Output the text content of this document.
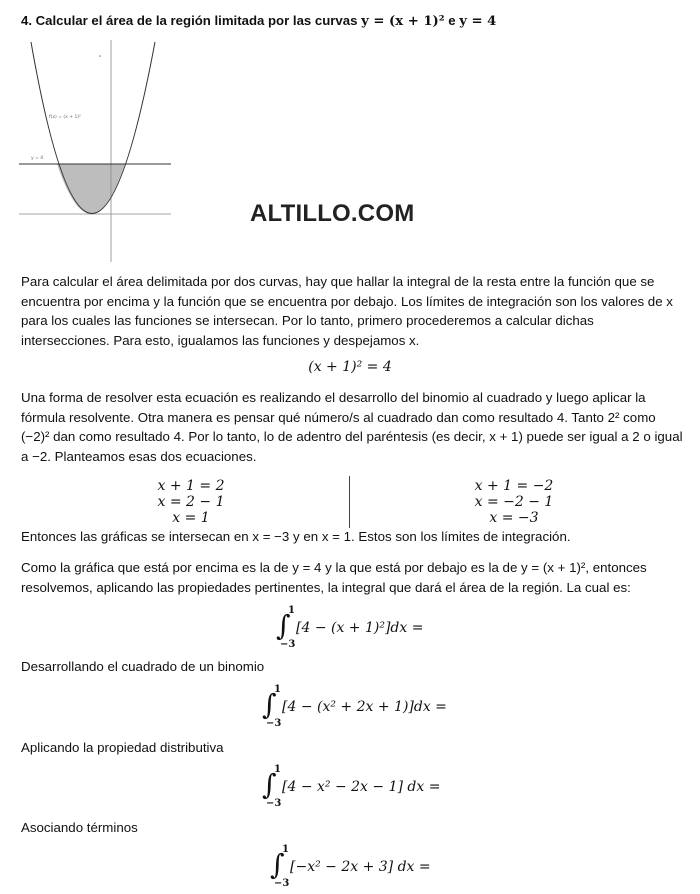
4. Calcular el área de la región limitada por las curvas y = (x + 1)² e y = 4
f(x) = (x + 1)²
y = 4
ALTILLO.COM

Para calcular el área delimitada por dos curvas, hay que hallar la integral de la resta entre la función que se encuentra por encima y la función que se encuentra por debajo. Los límites de integración son los valores de x para los cuales las funciones se intersecan. Por lo tanto, primero procederemos a calcular dichas intersecciones. Para esto, igualamos las funciones y despejamos x.

(x + 1)² = 4

Una forma de resolver esta ecuación es realizando el desarrollo del binomio al cuadrado y luego aplicar la fórmula resolvente. Otra manera es pensar qué número/s al cuadrado dan como resultado 4. Tanto 2² como (−2)² dan como resultado 4. Por lo tanto, lo de adentro del paréntesis (es decir, x + 1) puede ser igual a 2 o igual a −2. Planteamos esas dos ecuaciones.

x + 1 = 2
x = 2 − 1
x = 1
x + 1 = −2
x = −2 − 1
x = −3

Entonces las gráficas se intersecan en x = −3 y en x = 1. Estos son los límites de integración.

Como la gráfica que está por encima es la de y = 4 y la que está por debajo es la de y = (x + 1)², entonces resolvemos, aplicando las propiedades pertinentes, la integral que dará el área de la región. La cual es:

∫
1
−3
[4 − (x + 1)²]dx =
Desarrollando el cuadrado de un binomio
∫
1
−3
[4 − (x² + 2x + 1)]dx =
Aplicando la propiedad distributiva
∫
1
−3
[4 − x² − 2x − 1] dx =
Asociando términos
∫
1
−3
[−x² − 2x + 3] dx =
